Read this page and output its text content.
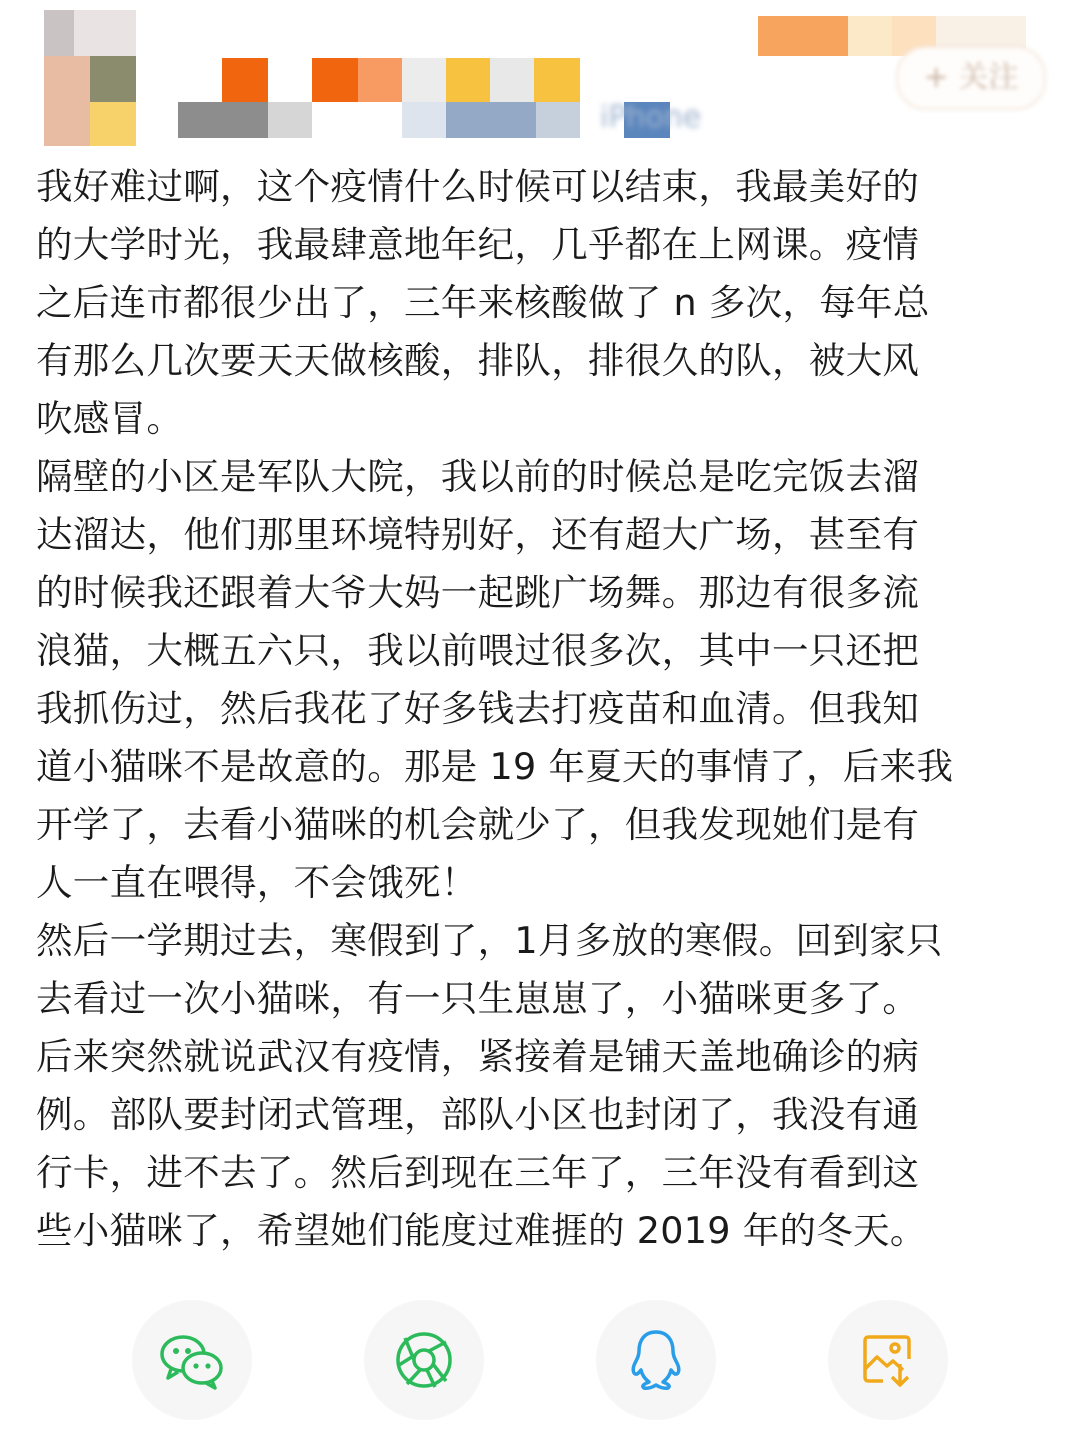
iPhone
+ 关注

我好难过啊，这个疫情什么时候可以结束，我最美好的
的大学时光，我最肆意地年纪，几乎都在上网课。疫情
之后连市都很少出了，三年来核酸做了 n 多次，每年总
有那么几次要天天做核酸，排队，排很久的队，被大风
吹感冒。

隔壁的小区是军队大院，我以前的时候总是吃完饭去溜
达溜达，他们那里环境特别好，还有超大广场，甚至有
的时候我还跟着大爷大妈一起跳广场舞。那边有很多流
浪猫，大概五六只，我以前喂过很多次，其中一只还把
我抓伤过，然后我花了好多钱去打疫苗和血清。但我知
道小猫咪不是故意的。那是 19 年夏天的事情了，后来我
开学了，去看小猫咪的机会就少了，但我发现她们是有
人一直在喂得，不会饿死！

然后一学期过去，寒假到了，1月多放的寒假。回到家只
去看过一次小猫咪，有一只生崽崽了，小猫咪更多了。
后来突然就说武汉有疫情，紧接着是铺天盖地确诊的病
例。部队要封闭式管理，部队小区也封闭了，我没有通
行卡，进不去了。然后到现在三年了，三年没有看到这
些小猫咪了，希望她们能度过难捱的 2019 年的冬天。
